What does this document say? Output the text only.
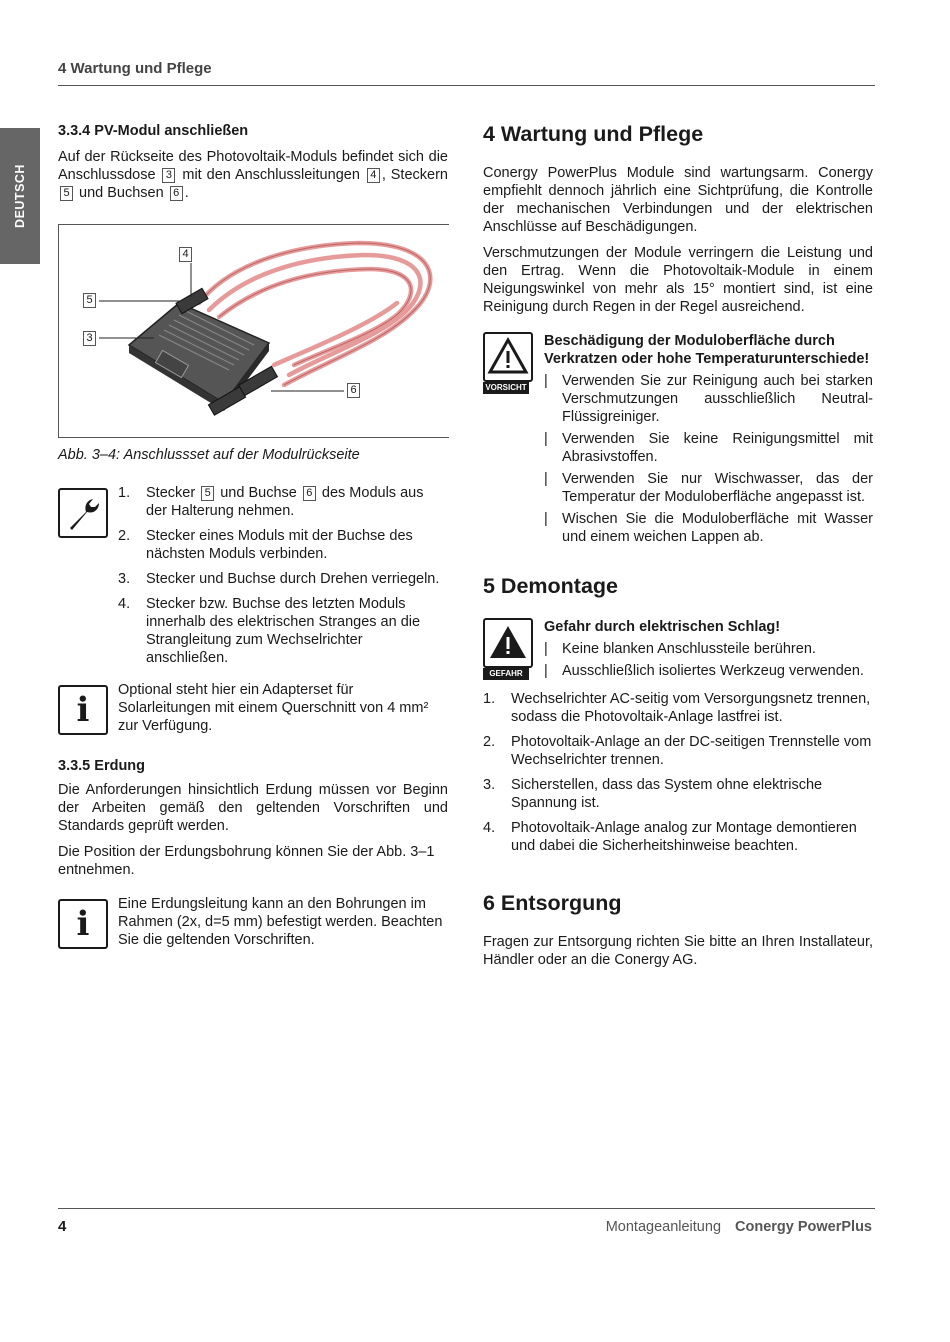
4 Wartung und Pflege
DEUTSCH
3.3.4 PV-Modul anschließen

Auf der Rückseite des Photovoltaik-Moduls befindet sich die Anschlussdose 3 mit den Anschlussleitungen 4 , Steckern 5 und Buchsen 6 .

4
5
3
6
Abb. 3–4: Anschlussset auf der Modulrückseite
1. Stecker 5 und Buchse 6 des Moduls aus der Halterung nehmen.
2. Stecker eines Moduls mit der Buchse des nächsten Moduls verbinden.
3. Stecker und Buchse durch Drehen verriegeln.
4. Stecker bzw. Buchse des letzten Moduls innerhalb des elektrischen Stranges an die Strangleitung zum Wechselrichter anschließen.
i	Optional steht hier ein Adapterset für Solarleitungen mit einem Querschnitt von 4 mm² zur Verfügung.

3.3.5 Erdung

Die Anforderungen hinsichtlich Erdung müssen vor Beginn der Arbeiten gemäß den geltenden Vorschriften und Standards geprüft werden.

Die Position der Erdungsbohrung können Sie der Abb. 3–1 entnehmen.

i	Eine Erdungsleitung kann an den Bohrungen im Rahmen (2x, d=5 mm) befestigt werden. Beachten Sie die geltenden Vorschriften.

4 Wartung und Pflege

Conergy PowerPlus Module sind wartungsarm. Conergy empfiehlt dennoch jährlich eine Sichtprüfung, die Kontrolle der mechanischen Verbindungen und der elektrischen Anschlüsse auf Beschädigungen.

Verschmutzungen der Module verringern die Leistung und den Ertrag. Wenn die Photovoltaik-Module in einem Neigungswinkel von mehr als 15° montiert sind, ist eine Reinigung durch Regen in der Regel ausreichend.

VORSICHT
Beschädigung der Moduloberfläche durch Verkratzen oder hohe Temperaturunterschiede!
| Verwenden Sie zur Reinigung auch bei starken Verschmutzungen ausschließlich Neutral-Flüssigreiniger.
| Verwenden Sie keine Reinigungsmittel mit Abrasivstoffen.
| Verwenden Sie nur Wischwasser, das der Temperatur der Moduloberfläche angepasst ist.
| Wischen Sie die Moduloberfläche mit Wasser und einem weichen Lappen ab.
5 Demontage
GEFAHR
Gefahr durch elektrischen Schlag!
| Keine blanken Anschlussteile berühren.
| Ausschließlich isoliertes Werkzeug verwenden.
1. Wechselrichter AC-seitig vom Versorgungsnetz trennen, sodass die Photovoltaik-Anlage lastfrei ist.
2. Photovoltaik-Anlage an der DC-seitigen Trennstelle vom Wechselrichter trennen.
3. Sicherstellen, dass das System ohne elektrische Spannung ist.
4. Photovoltaik-Anlage analog zur Montage demontieren und dabei die Sicherheitshinweise beachten.
6 Entsorgung

Fragen zur Entsorgung richten Sie bitte an Ihren Installateur, Händler oder an die Conergy AG.

4	Montageanleitung Conergy PowerPlus
